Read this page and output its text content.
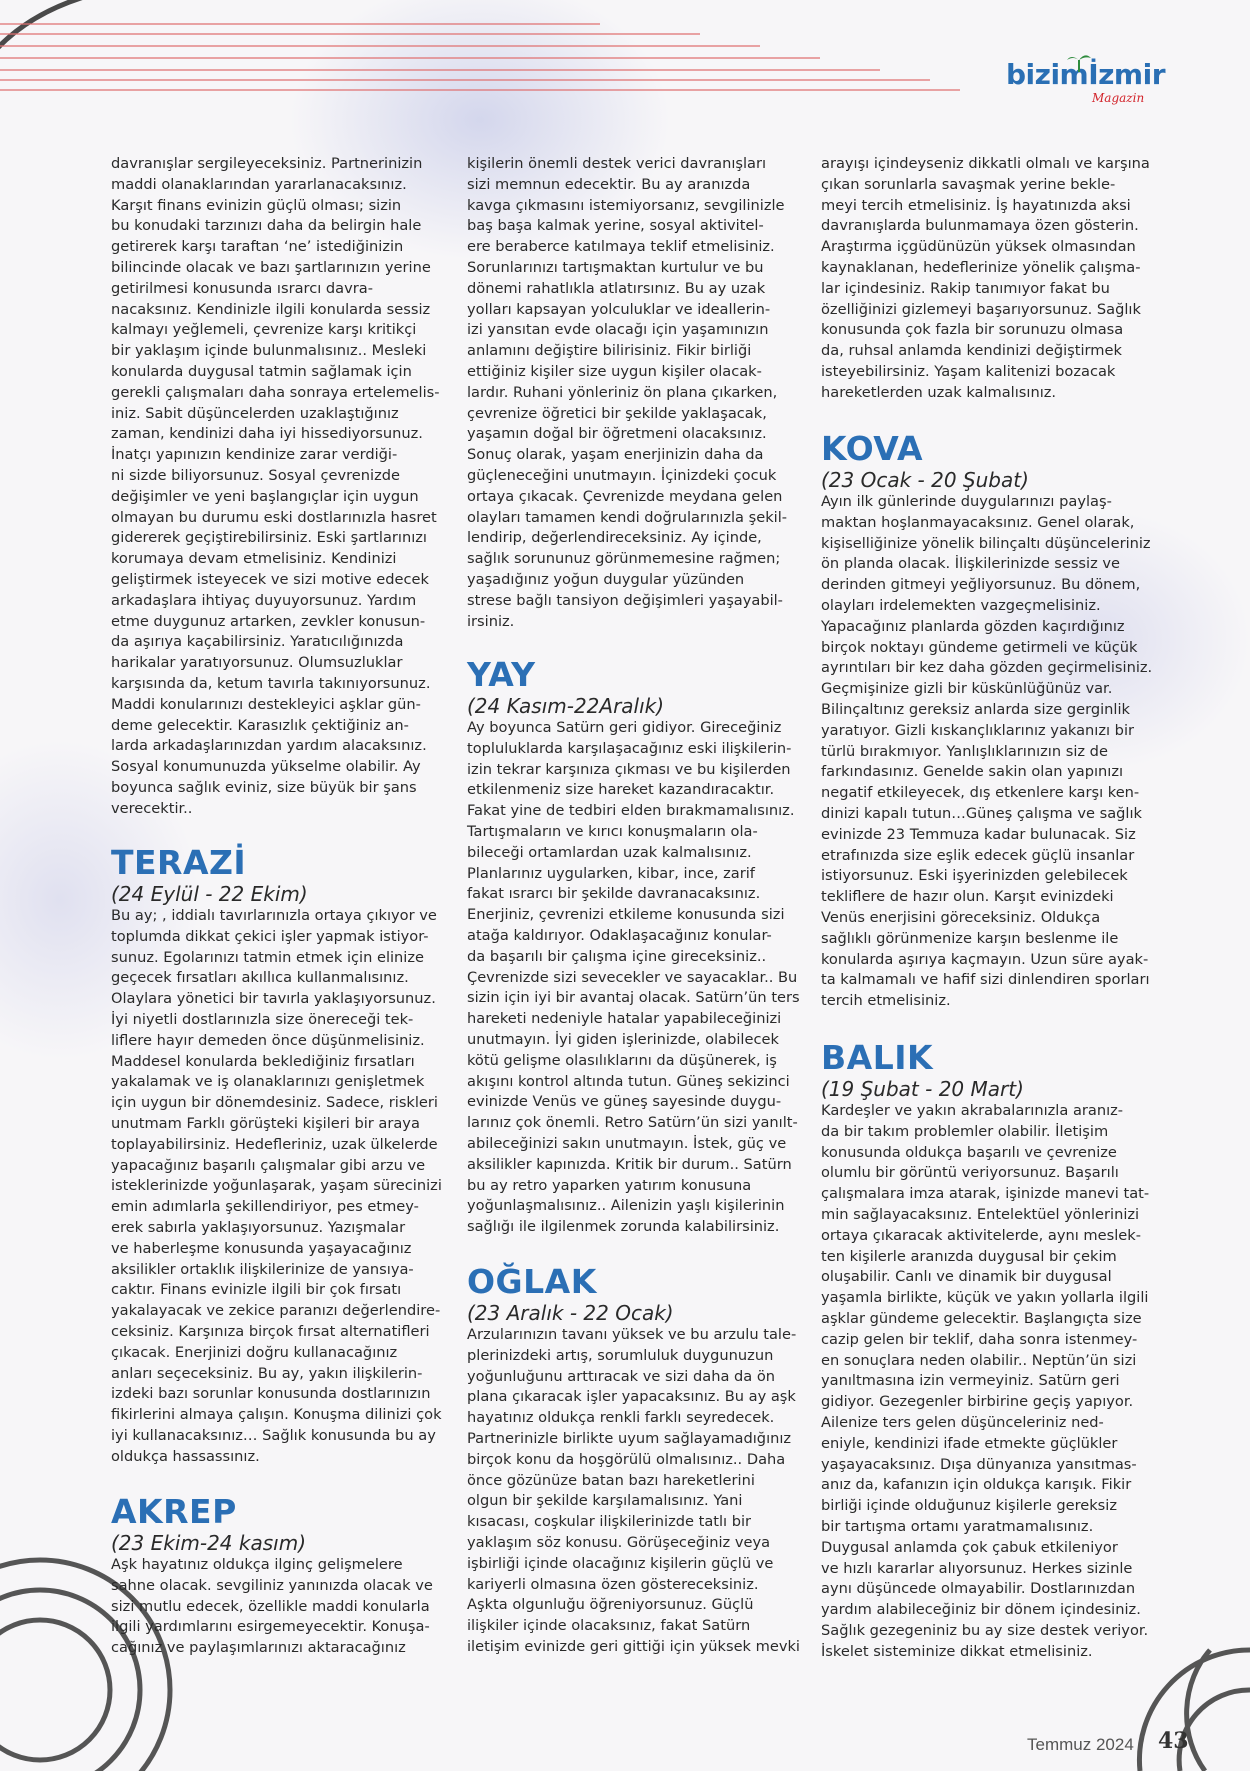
bizimİzmir
Magazin

davranışlar sergileyeceksiniz. Partnerinizin
maddi olanaklarından yararlanacaksınız.
Karşıt finans evinizin güçlü olması; sizin
bu konudaki tarzınızı daha da belirgin hale
getirerek karşı taraftan ‘ne’ istediğinizin
bilincinde olacak ve bazı şartlarınızın yerine
getirilmesi konusunda ısrarcı davra-
nacaksınız. Kendinizle ilgili konularda sessiz
kalmayı yeğlemeli, çevrenize karşı kritikçi
bir yaklaşım içinde bulunmalısınız.. Mesleki
konularda duygusal tatmin sağlamak için
gerekli çalışmaları daha sonraya ertelemelis-
iniz. Sabit düşüncelerden uzaklaştığınız
zaman, kendinizi daha iyi hissediyorsunuz.
İnatçı yapınızın kendinize zarar verdiği-
ni sizde biliyorsunuz. Sosyal çevrenizde
değişimler ve yeni başlangıçlar için uygun
olmayan bu durumu eski dostlarınızla hasret
gidererek geçiştirebilirsiniz. Eski şartlarınızı
korumaya devam etmelisiniz. Kendinizi
geliştirmek isteyecek ve sizi motive edecek
arkadaşlara ihtiyaç duyuyorsunuz. Yardım
etme duygunuz artarken, zevkler konusun-
da aşırıya kaçabilirsiniz. Yaratıcılığınızda
harikalar yaratıyorsunuz. Olumsuzluklar
karşısında da, ketum tavırla takınıyorsunuz.
Maddi konularınızı destekleyici aşklar gün-
deme gelecektir. Karasızlık çektiğiniz an-
larda arkadaşlarınızdan yardım alacaksınız.
Sosyal konumunuzda yükselme olabilir. Ay
boyunca sağlık eviniz, size büyük bir şans
verecektir..

TERAZİ

(24 Eylül - 22 Ekim)

Bu ay; , iddialı tavırlarınızla ortaya çıkıyor ve
toplumda dikkat çekici işler yapmak istiyor-
sunuz. Egolarınızı tatmin etmek için elinize
geçecek fırsatları akıllıca kullanmalısınız.
Olaylara yönetici bir tavırla yaklaşıyorsunuz.
İyi niyetli dostlarınızla size önereceği tek-
liflere hayır demeden önce düşünmelisiniz.
Maddesel konularda beklediğiniz fırsatları
yakalamak ve iş olanaklarınızı genişletmek
için uygun bir dönemdesiniz. Sadece, riskleri
unutmam Farklı görüşteki kişileri bir araya
toplayabilirsiniz. Hedefleriniz, uzak ülkelerde
yapacağınız başarılı çalışmalar gibi arzu ve
isteklerinizde yoğunlaşarak, yaşam sürecinizi
emin adımlarla şekillendiriyor, pes etmey-
erek sabırla yaklaşıyorsunuz. Yazışmalar
ve haberleşme konusunda yaşayacağınız
aksilikler ortaklık ilişkilerinize de yansıya-
caktır. Finans evinizle ilgili bir çok fırsatı
yakalayacak ve zekice paranızı değerlendire-
ceksiniz. Karşınıza birçok fırsat alternatifleri
çıkacak. Enerjinizi doğru kullanacağınız
anları seçeceksiniz. Bu ay, yakın ilişkilerin-
izdeki bazı sorunlar konusunda dostlarınızın
fikirlerini almaya çalışın. Konuşma dilinizi çok
iyi kullanacaksınız… Sağlık konusunda bu ay
oldukça hassassınız.

AKREP

(23 Ekim-24 kasım)

Aşk hayatınız oldukça ilginç gelişmelere
sahne olacak. sevgiliniz yanınızda olacak ve
sizi mutlu edecek, özellikle maddi konularla
ilgili yardımlarını esirgemeyecektir. Konuşa-
cağınız ve paylaşımlarınızı aktaracağınız

kişilerin önemli destek verici davranışları
sizi memnun edecektir. Bu ay aranızda
kavga çıkmasını istemiyorsanız, sevgilinizle
baş başa kalmak yerine, sosyal aktivitel-
ere beraberce katılmaya teklif etmelisiniz.
Sorunlarınızı tartışmaktan kurtulur ve bu
dönemi rahatlıkla atlatırsınız. Bu ay uzak
yolları kapsayan yolculuklar ve ideallerin-
izi yansıtan evde olacağı için yaşamınızın
anlamını değiştire bilirisiniz. Fikir birliği
ettiğiniz kişiler size uygun kişiler olacak-
lardır. Ruhani yönleriniz ön plana çıkarken,
çevrenize öğretici bir şekilde yaklaşacak,
yaşamın doğal bir öğretmeni olacaksınız.
Sonuç olarak, yaşam enerjinizin daha da
güçleneceğini unutmayın. İçinizdeki çocuk
ortaya çıkacak. Çevrenizde meydana gelen
olayları tamamen kendi doğrularınızla şekil-
lendirip, değerlendireceksiniz. Ay içinde,
sağlık sorununuz görünmemesine rağmen;
yaşadığınız yoğun duygular yüzünden
strese bağlı tansiyon değişimleri yaşayabil-
irsiniz.

YAY

(24 Kasım-22Aralık)

Ay boyunca Satürn geri gidiyor. Gireceğiniz
topluluklarda karşılaşacağınız eski ilişkilerin-
izin tekrar karşınıza çıkması ve bu kişilerden
etkilenmeniz size hareket kazandıracaktır.
Fakat yine de tedbiri elden bırakmamalısınız.
Tartışmaların ve kırıcı konuşmaların ola-
bileceği ortamlardan uzak kalmalısınız.
Planlarınız uygularken, kibar, ince, zarif
fakat ısrarcı bir şekilde davranacaksınız.
Enerjiniz, çevrenizi etkileme konusunda sizi
atağa kaldırıyor. Odaklaşacağınız konular-
da başarılı bir çalışma içine gireceksiniz..
Çevrenizde sizi sevecekler ve sayacaklar.. Bu
sizin için iyi bir avantaj olacak. Satürn’ün ters
hareketi nedeniyle hatalar yapabileceğinizi
unutmayın. İyi giden işlerinizde, olabilecek
kötü gelişme olasılıklarını da düşünerek, iş
akışını kontrol altında tutun. Güneş sekizinci
evinizde Venüs ve güneş sayesinde duygu-
larınız çok önemli. Retro Satürn’ün sizi yanılt-
abileceğinizi sakın unutmayın. İstek, güç ve
aksilikler kapınızda. Kritik bir durum.. Satürn
bu ay retro yaparken yatırım konusuna
yoğunlaşmalısınız.. Ailenizin yaşlı kişilerinin
sağlığı ile ilgilenmek zorunda kalabilirsiniz.

OĞLAK

(23 Aralık - 22 Ocak)

Arzularınızın tavanı yüksek ve bu arzulu tale-
plerinizdeki artış, sorumluluk duygunuzun
yoğunluğunu arttıracak ve sizi daha da ön
plana çıkaracak işler yapacaksınız. Bu ay aşk
hayatınız oldukça renkli farklı seyredecek.
Partnerinizle birlikte uyum sağlayamadığınız
birçok konu da hoşgörülü olmalısınız.. Daha
önce gözünüze batan bazı hareketlerini
olgun bir şekilde karşılamalısınız. Yani
kısacası, coşkular ilişkilerinizde tatlı bir
yaklaşım söz konusu. Görüşeceğiniz veya
işbirliği içinde olacağınız kişilerin güçlü ve
kariyerli olmasına özen göstereceksiniz.
Aşkta olgunluğu öğreniyorsunuz. Güçlü
ilişkiler içinde olacaksınız, fakat Satürn
iletişim evinizde geri gittiği için yüksek mevki

arayışı içindeyseniz dikkatli olmalı ve karşına
çıkan sorunlarla savaşmak yerine bekle-
meyi tercih etmelisiniz. İş hayatınızda aksi
davranışlarda bulunmamaya özen gösterin.
Araştırma içgüdünüzün yüksek olmasından
kaynaklanan, hedeflerinize yönelik çalışma-
lar içindesiniz. Rakip tanımıyor fakat bu
özelliğinizi gizlemeyi başarıyorsunuz. Sağlık
konusunda çok fazla bir sorunuzu olmasa
da, ruhsal anlamda kendinizi değiştirmek
isteyebilirsiniz. Yaşam kalitenizi bozacak
hareketlerden uzak kalmalısınız.

KOVA

(23 Ocak - 20 Şubat)

Ayın ilk günlerinde duygularınızı paylaş-
maktan hoşlanmayacaksınız. Genel olarak,
kişiselliğinize yönelik bilinçaltı düşünceleriniz
ön planda olacak. İlişkilerinizde sessiz ve
derinden gitmeyi yeğliyorsunuz. Bu dönem,
olayları irdelemekten vazgeçmelisiniz.
Yapacağınız planlarda gözden kaçırdığınız
birçok noktayı gündeme getirmeli ve küçük
ayrıntıları bir kez daha gözden geçirmelisiniz.
Geçmişinize gizli bir küskünlüğünüz var.
Bilinçaltınız gereksiz anlarda size gerginlik
yaratıyor. Gizli kıskançlıklarınız yakanızı bir
türlü bırakmıyor. Yanlışlıklarınızın siz de
farkındasınız. Genelde sakin olan yapınızı
negatif etkileyecek, dış etkenlere karşı ken-
dinizi kapalı tutun…Güneş çalışma ve sağlık
evinizde 23 Temmuza kadar bulunacak. Siz
etrafınızda size eşlik edecek güçlü insanlar
istiyorsunuz. Eski işyerinizden gelebilecek
tekliflere de hazır olun. Karşıt evinizdeki
Venüs enerjisini göreceksiniz. Oldukça
sağlıklı görünmenize karşın beslenme ile
konularda aşırıya kaçmayın. Uzun süre ayak-
ta kalmamalı ve hafif sizi dinlendiren sporları
tercih etmelisiniz.

BALIK

(19 Şubat - 20 Mart)

Kardeşler ve yakın akrabalarınızla aranız-
da bir takım problemler olabilir. İletişim
konusunda oldukça başarılı ve çevrenize
olumlu bir görüntü veriyorsunuz. Başarılı
çalışmalara imza atarak, işinizde manevi tat-
min sağlayacaksınız. Entelektüel yönlerinizi
ortaya çıkaracak aktivitelerde, aynı meslek-
ten kişilerle aranızda duygusal bir çekim
oluşabilir. Canlı ve dinamik bir duygusal
yaşamla birlikte, küçük ve yakın yollarla ilgili
aşklar gündeme gelecektir. Başlangıçta size
cazip gelen bir teklif, daha sonra istenmey-
en sonuçlara neden olabilir.. Neptün’ün sizi
yanıltmasına izin vermeyiniz. Satürn geri
gidiyor. Gezegenler birbirine geçiş yapıyor.
Ailenize ters gelen düşünceleriniz ned-
eniyle, kendinizi ifade etmekte güçlükler
yaşayacaksınız. Dışa dünyanıza yansıtmas-
anız da, kafanızın için oldukça karışık. Fikir
birliği içinde olduğunuz kişilerle gereksiz
bir tartışma ortamı yaratmamalısınız.
Duygusal anlamda çok çabuk etkileniyor
ve hızlı kararlar alıyorsunuz. Herkes sizinle
aynı düşüncede olmayabilir. Dostlarınızdan
yardım alabileceğiniz bir dönem içindesiniz.
Sağlık gezegeniniz bu ay size destek veriyor.
İskelet sisteminize dikkat etmelisiniz.

Temmuz 2024 43
